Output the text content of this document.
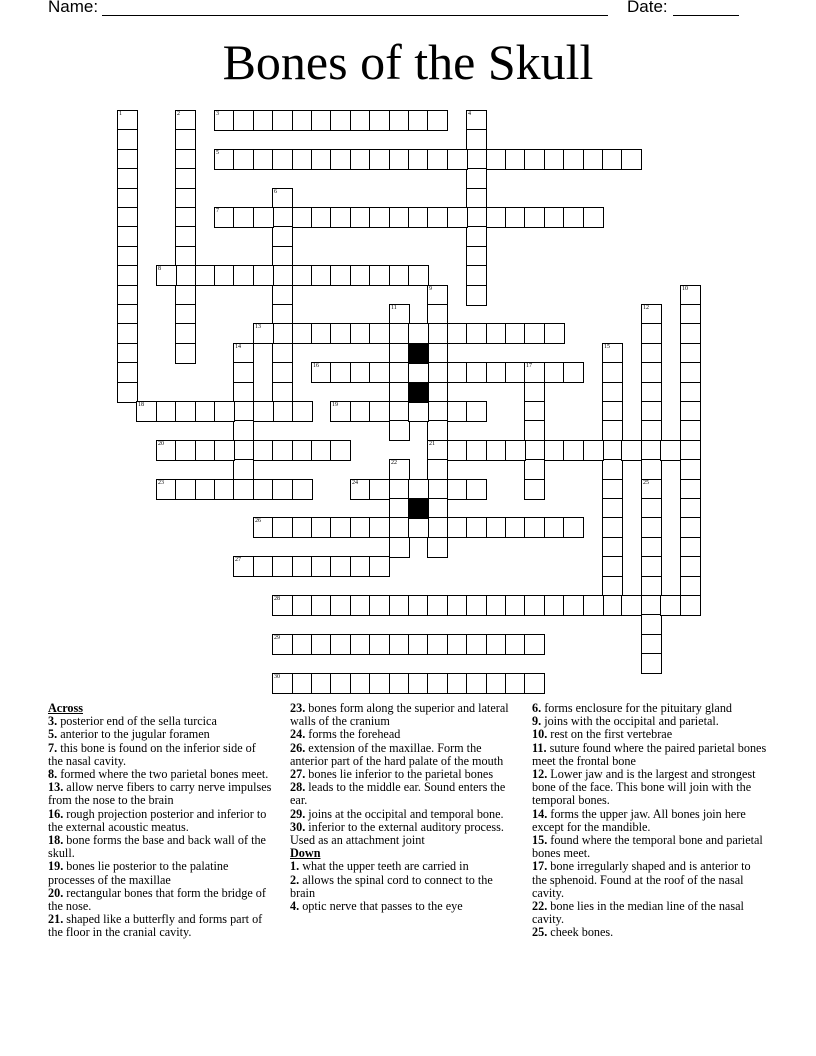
Name:	Date:
Bones of the Skull
1	2	3	4
5
6
7
8
9
21
10
11	12
25
13
14	15
16	17
18	19
20
22
23	24
26
27
28
29
30
Across
3. posterior end of the sella turcica
5. anterior to the jugular foramen
7. this bone is found on the inferior side of the nasal cavity.
8. formed where the two parietal bones meet.
13. allow nerve fibers to carry nerve impulses from the nose to the brain
16. rough projection posterior and inferior to the external acoustic meatus.
18. bone forms the base and back wall of the skull.
19. bones lie posterior to the palatine processes of the maxillae
20. rectangular bones that form the bridge of the nose.
21. shaped like a butterfly and forms part of the floor in the cranial cavity.
23. bones form along the superior and lateral walls of the cranium
24. forms the forehead
26. extension of the maxillae. Form the anterior part of the hard palate of the mouth
27. bones lie inferior to the parietal bones
28. leads to the middle ear. Sound enters the ear.
29. joins at the occipital and temporal bone.
30. inferior to the external auditory process. Used as an attachment joint
Down
1. what the upper teeth are carried in
2. allows the spinal cord to connect to the brain
4. optic nerve that passes to the eye
6. forms enclosure for the pituitary gland
9. joins with the occipital and parietal.
10. rest on the first vertebrae
11. suture found where the paired parietal bones meet the frontal bone
12. Lower jaw and is the largest and strongest bone of the face. This bone will join with the temporal bones.
14. forms the upper jaw. All bones join here except for the mandible.
15. found where the temporal bone and parietal bones meet.
17. bone irregularly shaped and is anterior to the sphenoid. Found at the roof of the nasal cavity.
22. bone lies in the median line of the nasal cavity.
25. cheek bones.
